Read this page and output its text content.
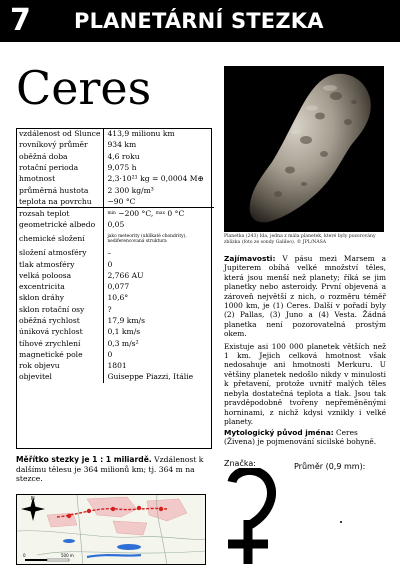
7 PLANETÁRNÍ STEZKA
Ceres
Planetka (243) Ida, jedna z mála planetek, které byly pozorovány zblízka (foto ze sondy Galileo). © JPL/NASA
vzdálenost od Slunce	413,9 milionu km
rovníkový průměr	934 km
oběžná doba	4,6 roku
rotační perioda	9,075 h
hmotnost	2,3·10²¹ kg = 0,0004 M⊕
průměrná hustota	2 300 kg/m³
teplota na povrchu	−90 °C
rozsah teplot	min −200 °C, max 0 °C
geometrické albedo	0,05
chemické složení	jako meteority (uhlíkaté chondrity), nediferencovaná struktura
složení atmosféry	–
tlak atmosféry	0
velká poloosa	2,766 AU
excentricita	0,077
sklon dráhy	10,6°
sklon rotační osy	?
oběžná rychlost	17,9 km/s
úniková rychlost	0,1 km/s
tíhové zrychlení	0,3 m/s²
magnetické pole	0
rok objevu	1801
objevitel	Guiseppe Piazzi, Itálie
Měřítko stezky je 1 : 1 miliardě. Vzdálenost k dalšímu tělesu je 364 milionů km; tj. 364 m na stezce.
N
0	500 m

Zajímavosti: V pásu mezi Marsem a Jupiterem obíhá velké množství těles, která jsou menší než planety; říká se jim planetky nebo asteroidy. První objevená a zároveň největší z nich, o rozměru téměř 1000 km, je (1) Ceres. Další v pořadí byly (2) Pallas, (3) Juno a (4) Vesta. Žádná planetka není pozorovatelná prostým okem.

Existuje asi 100 000 planetek větších než 1 km. Jejich celková hmotnost však nedosahuje ani hmotnosti Merkuru. U většiny planetek nedošlo nikdy v minulosti k přetavení, protože uvnitř malých těles nebyla dostatečná teplota a tlak. Jsou tak pravděpodobně tvořeny nepřeměněnými horninami, z nichž kdysi vznikly i velké planety.

Mytologický původ jména: Ceres (Živena) je pojmenování sicilské bohyně.
Značka:	Průměr (0,9 mm):
